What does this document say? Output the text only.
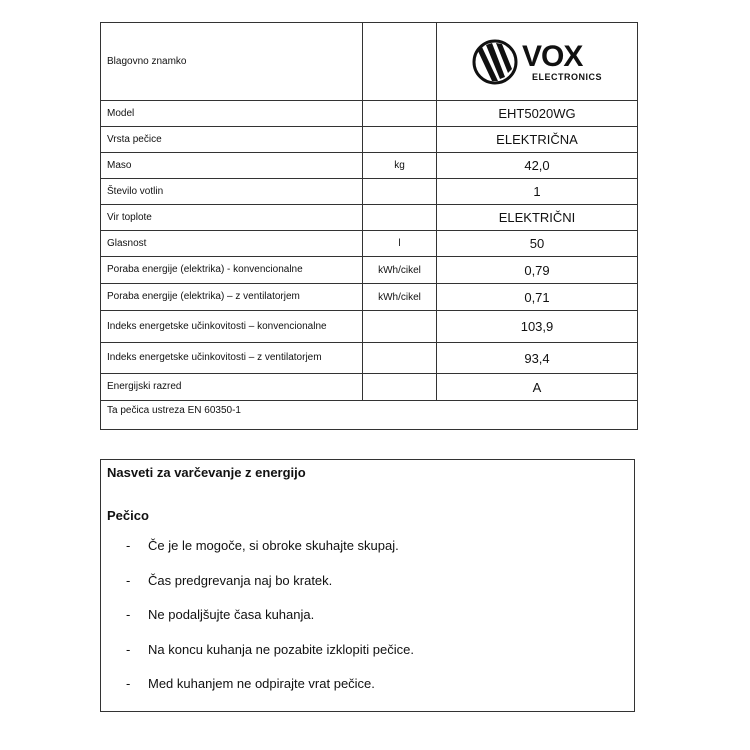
Blagovno znamko		VOX
ELECTRONICS

Model		EHT5020WG
Vrsta pečice		ELEKTRIČNA
Maso	kg	42,0
Število votlin		1
Vir toplote		ELEKTRIČNI
Glasnost	l	50
Poraba energije (elektrika) - konvencionalne	kWh/cikel	0,79
Poraba energije (elektrika) – z ventilatorjem	kWh/cikel	0,71
Indeks energetske učinkovitosti – konvencionalne		103,9
Indeks energetske učinkovitosti – z ventilatorjem		93,4
Energijski razred		A
Ta pečica ustreza EN 60350-1		
Nasveti za varčevanje z energijo
Pečico
- Če je le mogoče, si obroke skuhajte skupaj.
- Čas predgrevanja naj bo kratek.
- Ne podaljšujte časa kuhanja.
- Na koncu kuhanja ne pozabite izklopiti pečice.
- Med kuhanjem ne odpirajte vrat pečice.
